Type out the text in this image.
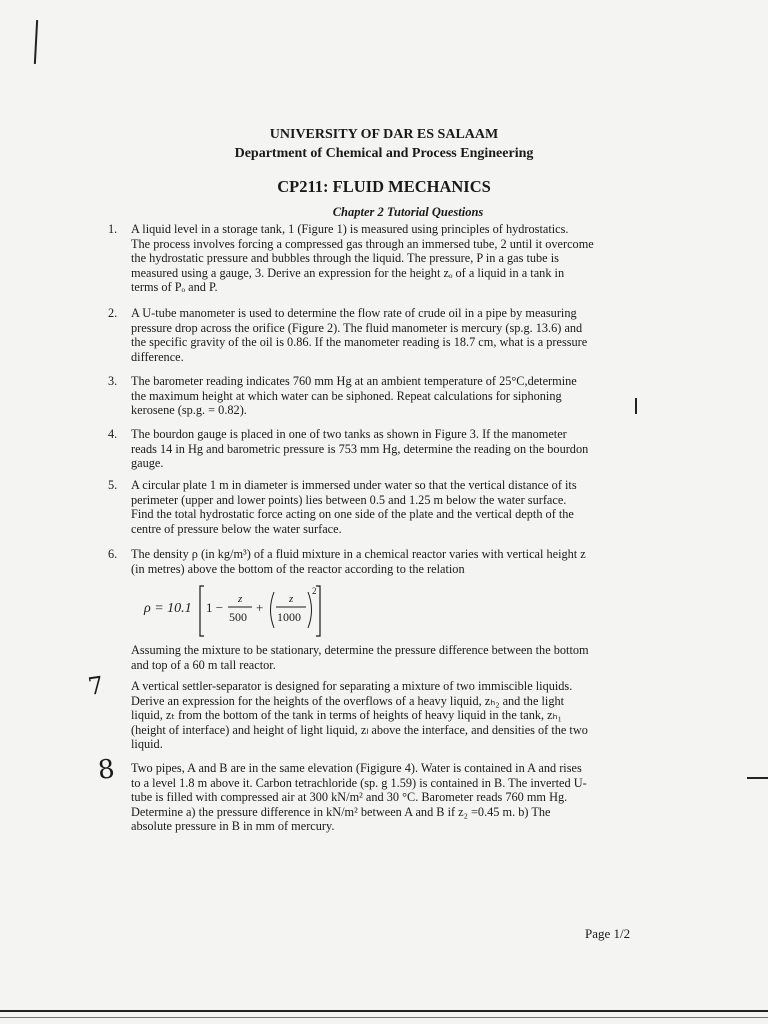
UNIVERSITY OF DAR ES SALAAM
Department of Chemical and Process Engineering
CP211: FLUID MECHANICS
Chapter 2 Tutorial Questions
1. A liquid level in a storage tank, 1 (Figure 1) is measured using principles of hydrostatics.
The process involves forcing a compressed gas through an immersed tube, 2 until it overcome
the hydrostatic pressure and bubbles through the liquid. The pressure, P in a gas tube is
measured using a gauge, 3. Derive an expression for the height zₒ of a liquid in a tank in
terms of Pₒ and P.
2. A U-tube manometer is used to determine the flow rate of crude oil in a pipe by measuring
pressure drop across the orifice (Figure 2). The fluid manometer is mercury (sp.g. 13.6) and
the specific gravity of the oil is 0.86. If the manometer reading is 18.7 cm, what is a pressure
difference.
3. The barometer reading indicates 760 mm Hg at an ambient temperature of 25°C,determine
the maximum height at which water can be siphoned. Repeat calculations for siphoning
kerosene (sp.g. = 0.82).
4. The bourdon gauge is placed in one of two tanks as shown in Figure 3. If the manometer
reads 14 in Hg and barometric pressure is 753 mm Hg, determine the reading on the bourdon
gauge.
5. A circular plate 1 m in diameter is immersed under water so that the vertical distance of its
perimeter (upper and lower points) lies between 0.5 and 1.25 m below the water surface.
Find the total hydrostatic force acting on one side of the plate and the vertical depth of the
centre of pressure below the water surface.
6. The density ρ (in kg/m³) of a fluid mixture in a chemical reactor varies with vertical height z
(in metres) above the bottom of the reactor according to the relation
ρ = 10.1 1 −
z
500
+
z
1000
2
Assuming the mixture to be stationary, determine the pressure difference between the bottom
and top of a 60 m tall reactor.
7 A vertical settler-separator is designed for separating a mixture of two immiscible liquids.
Derive an expression for the heights of the overflows of a heavy liquid, zₕ₂ and the light
liquid, zₜ from the bottom of the tank in terms of heights of heavy liquid in the tank, zₕ₁
(height of interface) and height of light liquid, zₗ above the interface, and densities of the two
liquid.
8 Two pipes, A and B are in the same elevation (Figigure 4). Water is contained in A and rises
to a level 1.8 m above it. Carbon tetrachloride (sp. g 1.59) is contained in B. The inverted U-
tube is filled with compressed air at 300 kN/m² and 30 °C. Barometer reads 760 mm Hg.
Determine a) the pressure difference in kN/m² between A and B if z₂ =0.45 m. b) The
absolute pressure in B in mm of mercury.
Page 1/2
